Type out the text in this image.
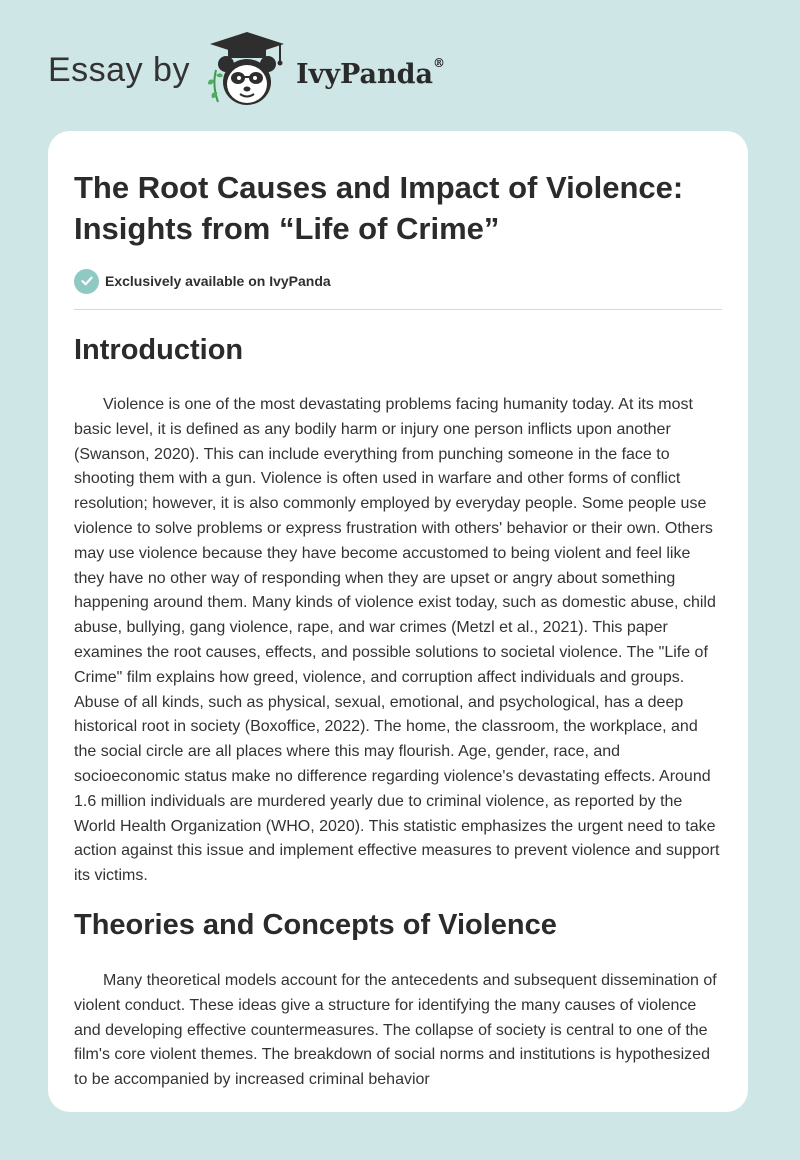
Essay by	IvyPanda®
The Root Causes and Impact of Violence: Insights from “Life of Crime”
Exclusively available on IvyPanda
Introduction

Violence is one of the most devastating problems facing humanity today. At its most basic level, it is defined as any bodily harm or injury one person inflicts upon another (Swanson, 2020). This can include everything from punching someone in the face to shooting them with a gun. Violence is often used in warfare and other forms of conflict resolution; however, it is also commonly employed by everyday people. Some people use violence to solve problems or express frustration with others' behavior or their own. Others may use violence because they have become accustomed to being violent and feel like they have no other way of responding when they are upset or angry about something happening around them. Many kinds of violence exist today, such as domestic abuse, child abuse, bullying, gang violence, rape, and war crimes (Metzl et al., 2021). This paper examines the root causes, effects, and possible solutions to societal violence. The "Life of Crime" film explains how greed, violence, and corruption affect individuals and groups. Abuse of all kinds, such as physical, sexual, emotional, and psychological, has a deep historical root in society (Boxoffice, 2022). The home, the classroom, the workplace, and the social circle are all places where this may flourish. Age, gender, race, and socioeconomic status make no difference regarding violence's devastating effects. Around 1.6 million individuals are murdered yearly due to criminal violence, as reported by the World Health Organization (WHO, 2020). This statistic emphasizes the urgent need to take action against this issue and implement effective measures to prevent violence and support its victims.

Theories and Concepts of Violence

Many theoretical models account for the antecedents and subsequent dissemination of violent conduct. These ideas give a structure for identifying the many causes of violence and developing effective countermeasures. The collapse of society is central to one of the film's core violent themes. The breakdown of social norms and institutions is hypothesized to be accompanied by increased criminal behavior
